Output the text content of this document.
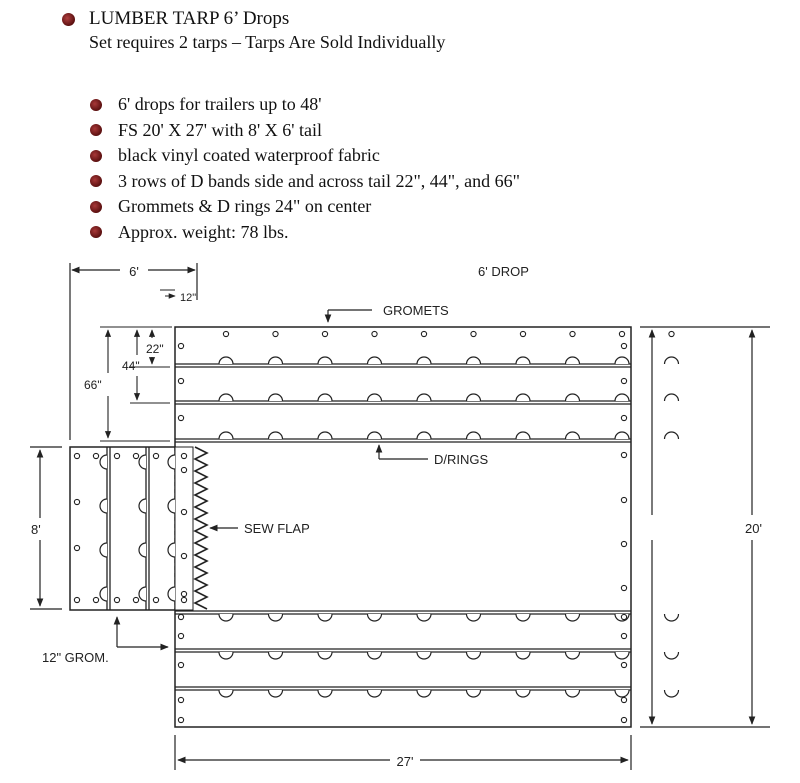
LUMBER TARP 6’ Drops
Set requires 2 tarps – Tarps Are Sold Individually
6' drops for trailers up to 48'
FS 20' X 27' with 8' X 6' tail
black vinyl coated waterproof fabric
3 rows of D bands side and across tail 22", 44", and 66"
Grommets & D rings 24" on center
Approx. weight: 78 lbs.
6'
12"
6' DROP
GROMETS
22"
44"
66"
D/RINGS
8'	SEW FLAP	20'
12" GROM.
27'
